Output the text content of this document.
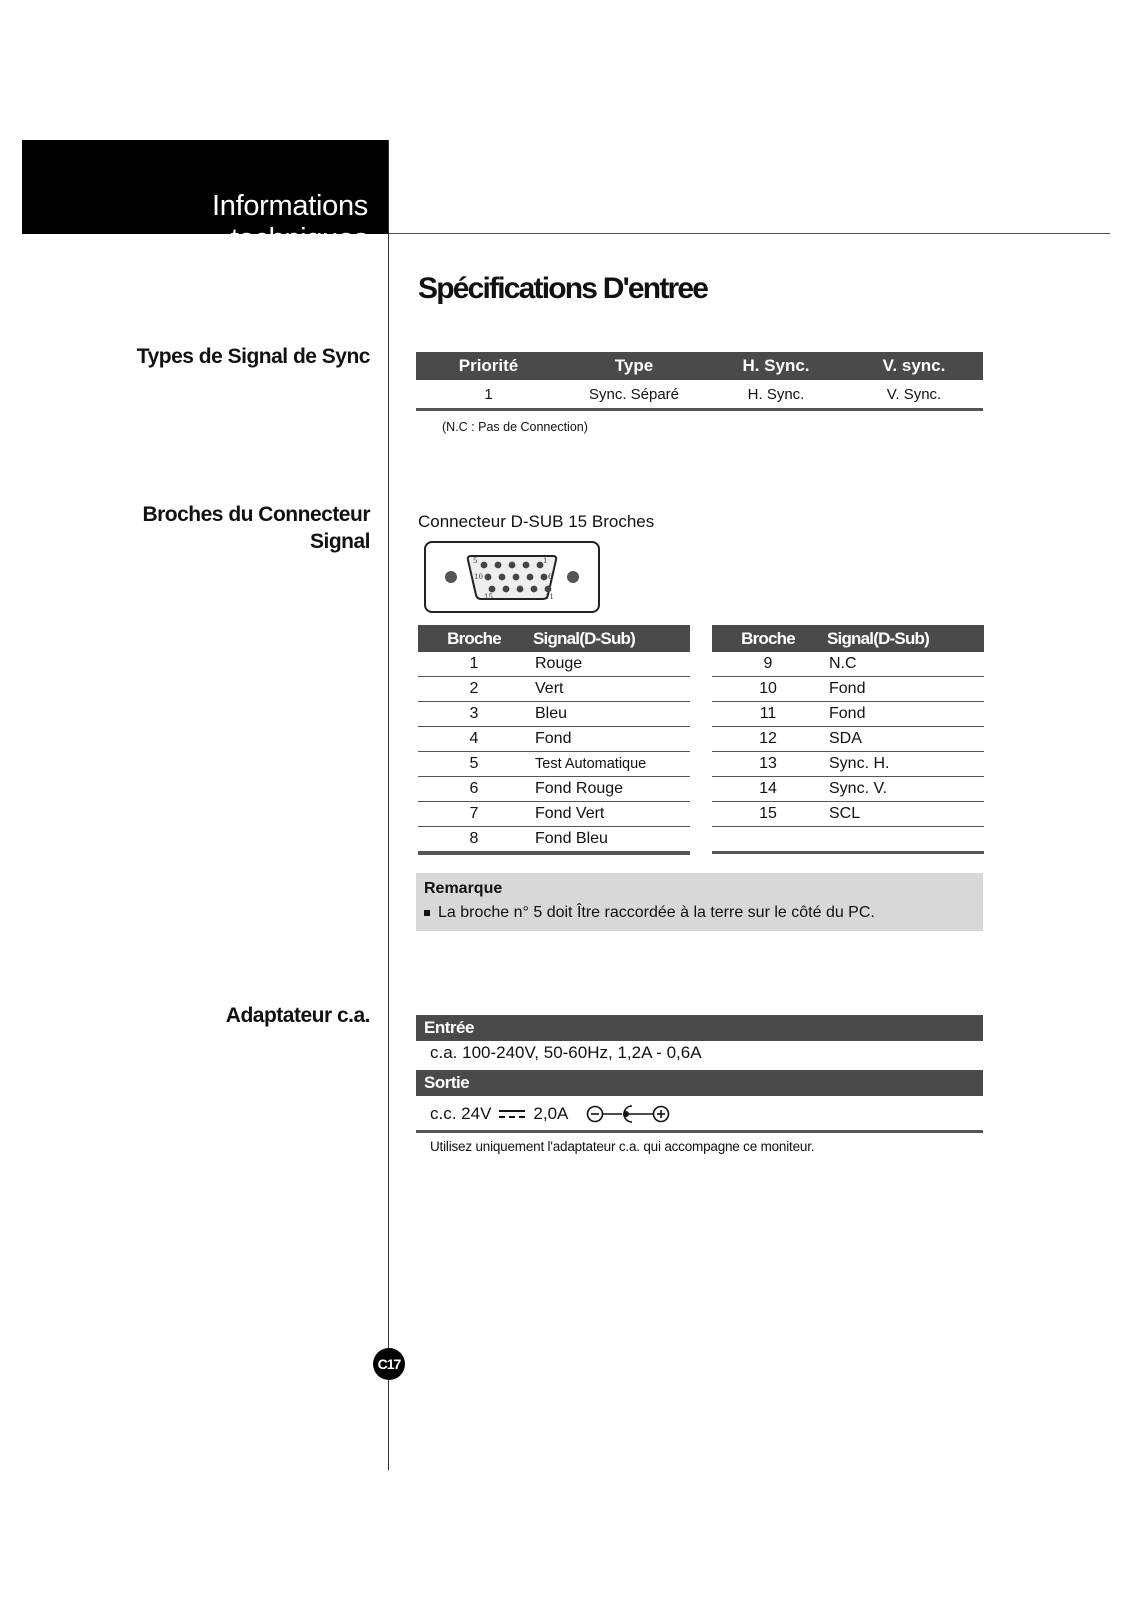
Informations techniques
Spécifications D'entree
Types de Signal de Sync
Broches du Connecteur
Signal
Adaptateur c.a.
Priorité	Type	H. Sync.	V. sync.
1	Sync. Séparé	H. Sync.	V. Sync.
(N.C : Pas de Connection)
Connecteur D-SUB 15 Broches
5	1
10	6
15	11
Broche	Signal(D-Sub)
1	Rouge
2	Vert
3	Bleu
4	Fond
5	Test Automatique
6	Fond Rouge
7	Fond Vert
8	Fond Bleu
Broche	Signal(D-Sub)
9	N.C
10	Fond
11	Fond
12	SDA
13	Sync. H.
14	Sync. V.
15	SCL
Remarque
La broche n° 5 doit Ître raccordée à la terre sur le côté du PC.
Entrée
c.a. 100-240V, 50-60Hz, 1,2A - 0,6A
Sortie
c.c. 24V 2,0A
Utilisez uniquement l'adaptateur c.a. qui accompagne ce moniteur.
C17
